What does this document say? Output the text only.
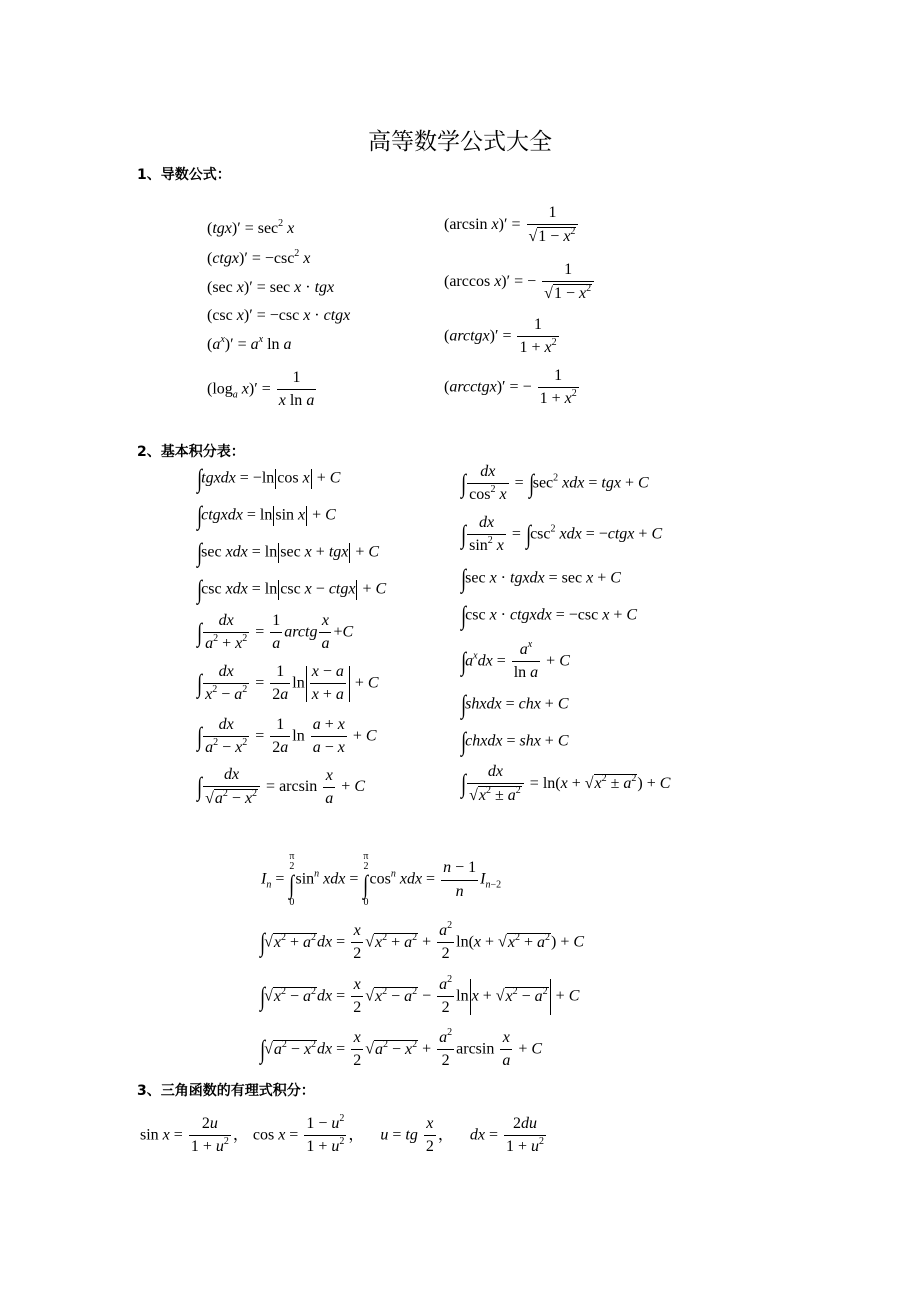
高等数学公式大全
1、导数公式：
$(tgx)' = \sec^2 x$
(ctgx)′ = $-\csc^2$ x
(sec x)′ = sec x · tgx
(csc x)′ = −csc x · ctgx
$(a^x)' = a^x$ ln a
($\log_a$ $x)' = \frac{1}{\text{x ln a}}$
(arcsin $x)' = \frac{1}{√1 - x^2}$
(arccos x)′ = − $\frac{1}{√1 - x^2}$
(arctgx)′ = $\frac{1}{1 + x^2}$
(arcctgx)′ = − $\frac{1}{1 + x^2}$
2、基本积分表：
∫tgxdx = −ln cos x + C
∫ctgxdx = ln sin x + C
∫sec xdx = ln sec x + tgx + C
∫csc xdx = ln csc x − ctgx + C
∫ $\frac{dx}{a^2 + x^2} = \frac{1}{a}$ arctg $\frac{x}{a} +C$
∫ $\frac{dx}{x^2 - a^2} = \frac{1}{2a}$ $\ln \frac{x - a}{x + a} + C$
∫ $\frac{dx}{a^2 - x^2} = \frac{1}{2a}$ $\ln \frac{a + x}{a - x} + C$
∫ $\frac{dx}{√a^2 - x^2} = \arcsin \frac{x}{a} + C$
∫ $\frac{dx}{\cos^2 x} = \int\sec^2$ xdx = tgx + C
∫ $\frac{dx}{\sin^2 x} = \int\csc^2$ xdx = −ctgx + C
∫sec x · tgxdx = sec x + C
∫csc x · ctgxdx = −csc x + C
$\int a^xdx = \frac{a^x}{\text{ln a}} + C$
∫shxdx = chx + C
∫chxdx = shx + C
∫ $\frac{dx}{√x^2 \pm a^2} = \ln(x + √x^2 \pm a^2) + C$
$I_n$ =
π
2
∫
0
$\sin^n$ xdx =
π
2
∫
0
$\cos^n$ xdx = $\frac{n - 1}{n} I_{n-2}$
$\int√x^2 + a^2dx = \frac{x}{2} √x^2 + a^2 + \frac{a^2}{2} \ln(x + √x^2 + a^2) + C$
$\int√x^2 - a^2dx = \frac{x}{2} √x^2 - a^2 - \frac{a^2}{2}$ $\ln x + √x^2 - a^2 + C$
$\int√a^2 - x^2dx = \frac{x}{2} √a^2 - x^2 + \frac{a^2}{2}$ $\arcsin \frac{x}{a} + C$
3、三角函数的有理式积分：
$\sin x = \frac{2u}{1 + u^2}$ ， $\cos x = \frac{1 - u^2}{1 + u^2}$ ，    u = tg $\frac{x}{2}$ ，    dx = $\frac{2du}{1 + u^2}$
